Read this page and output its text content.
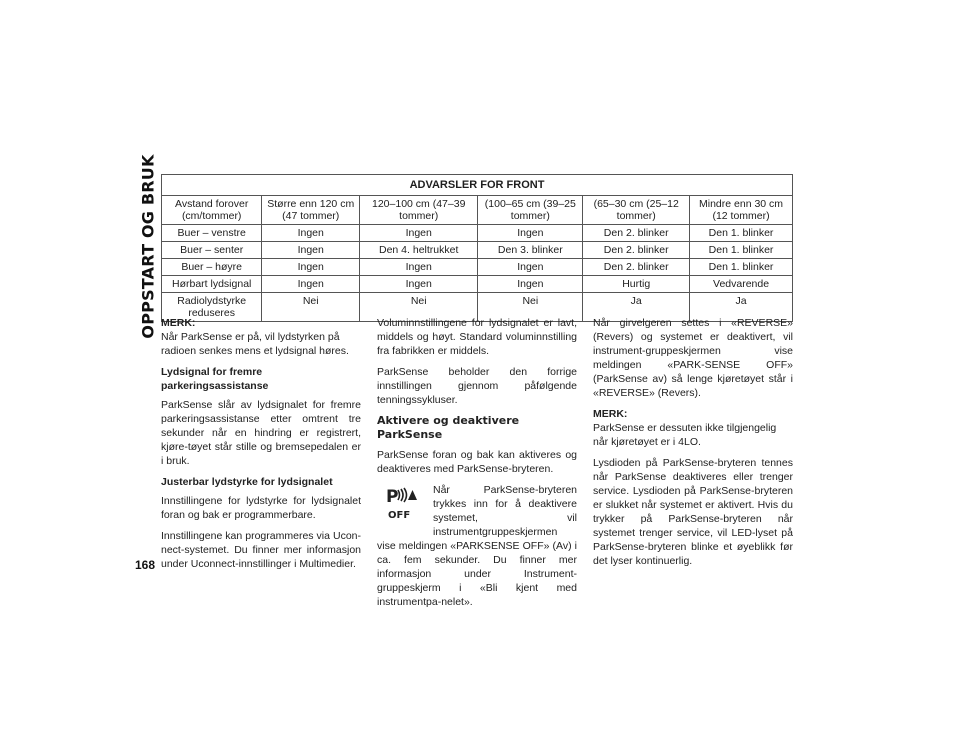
OPPSTART OG BRUK	ADVARSLER FOR FRONT					
Avstand forover (cm/tommer)	Større enn 120 cm (47 tommer)	120–100 cm (47–39 tommer)	(100–65 cm (39–25 tommer)	(65–30 cm (25–12 tommer)	Mindre enn 30 cm (12 tommer)
Buer – venstre	Ingen	Ingen	Ingen	Den 2. blinker	Den 1. blinker
Buer – senter	Ingen	Den 4. heltrukket	Den 3. blinker	Den 2. blinker	Den 1. blinker
Buer – høyre	Ingen	Ingen	Ingen	Den 2. blinker	Den 1. blinker
Hørbart lydsignal	Ingen	Ingen	Ingen	Hurtig	Vedvarende
Radiolydstyrke reduseres	Nei	Nei	Nei	Ja	Ja

MERK:
Når ParkSense er på, vil lydstyrken på radioen senkes mens et lydsignal høres.

Lydsignal for fremre parkeringsassistanse

ParkSense slår av lydsignalet for fremre parkeringsassistanse etter omtrent tre sekunder når en hindring er registrert, kjøre-tøyet står stille og bremsepedalen er i bruk.

Justerbar lydstyrke for lydsignalet

Innstillingene for lydstyrke for lydsignalet foran og bak er programmerbare.

Innstillingene kan programmeres via Ucon-nect-systemet. Du finner mer informasjon under Uconnect-innstillinger i Multimedier.

Voluminnstillingene for lydsignalet er lavt, middels og høyt. Standard voluminnstilling fra fabrikken er middels.

ParkSense beholder den forrige innstillingen gjennom påfølgende tenningssykluser.

Aktivere og deaktivere ParkSense

ParkSense foran og bak kan aktiveres og deaktiveres med ParkSense-bryteren.

P
OFF
Når ParkSense-bryteren trykkes inn for å deaktivere systemet, vil instrumentgruppeskjermen vise meldingen «PARKSENSE OFF» (Av) i ca. fem sekunder. Du finner mer informasjon under Instrument-gruppeskjerm i «Bli kjent med instrumentpa-nelet».

Når girvelgeren settes i «REVERSE» (Revers) og systemet er deaktivert, vil instrument-gruppeskjermen vise meldingen «PARK-SENSE OFF» (ParkSense av) så lenge kjøretøyet står i «REVERSE» (Revers).

MERK:
ParkSense er dessuten ikke tilgjengelig når kjøretøyet er i 4LO.

Lysdioden på ParkSense-bryteren tennes når ParkSense deaktiveres eller trenger service. Lysdioden på ParkSense-bryteren er slukket når systemet er aktivert. Hvis du trykker på ParkSense-bryteren når systemet trenger service, vil LED-lyset på ParkSense-bryteren blinke et øyeblikk før det lyser kontinuerlig.

168
